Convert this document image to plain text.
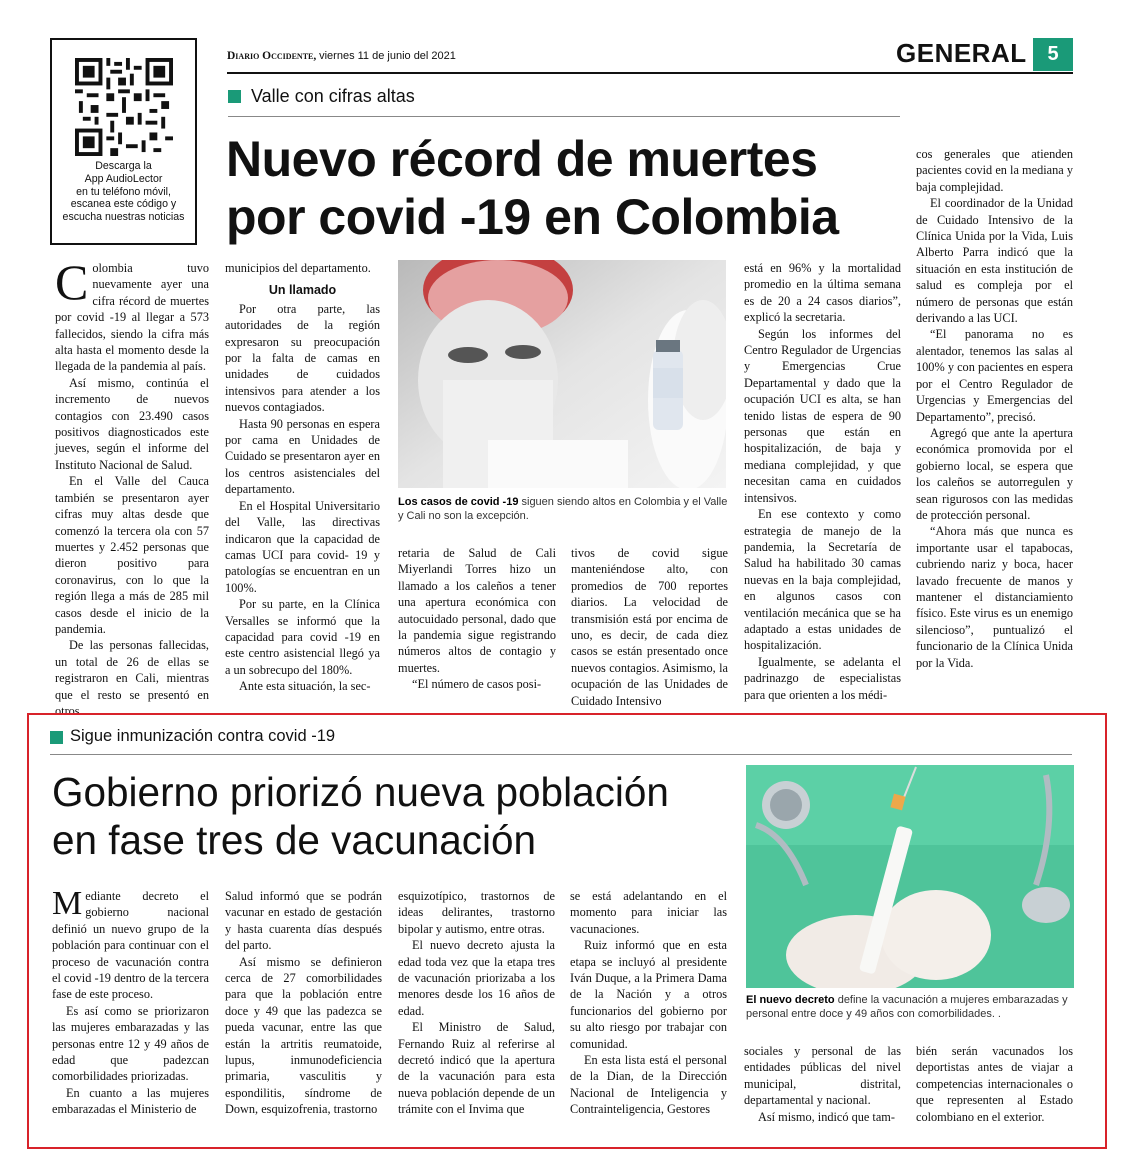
Descarga la
App AudioLector
en tu teléfono móvil,
escanea este código y
escucha nuestras noticias
Diario Occidente, viernes 11 de junio del 2021	GENERAL	5
Valle con cifras altas
Nuevo récord de muertes
por covid -19 en Colombia

Colombia tuvo nuevamente ayer una cifra récord de muertes por covid -19 al llegar a 573 fallecidos, siendo la cifra más alta hasta el momento desde la llegada de la pandemia al país.

Así mismo, continúa el incremento de nuevos contagios con 23.490 casos positivos diagnosticados este jueves, según el informe del Instituto Nacional de Salud.

En el Valle del Cauca también se presentaron ayer cifras muy altas desde que comenzó la tercera ola con 57 muertes y 2.452 personas que dieron positivo para coronavirus, con lo que la región llega a más de 285 mil casos desde el inicio de la pandemia.

De las personas fallecidas, un total de 26 de ellas se registraron en Cali, mientras que el resto se presentó en otros

municipios del departamento.

Un llamado

Por otra parte, las autoridades de la región expresaron su preocupación por la falta de camas en unidades de cuidados intensivos para atender a los nuevos contagiados.

Hasta 90 personas en espera por cama en Unidades de Cuidado se presentaron ayer en los centros asistenciales del departamento.

En el Hospital Universitario del Valle, las directivas indicaron que la capacidad de camas UCI para covid- 19 y patologías se encuentran en un 100%.

Por su parte, en la Clínica Versalles se informó que la capacidad para covid -19 en este centro asistencial llegó ya a un sobrecupo del 180%.

Ante esta situación, la sec-

Los casos de covid -19 siguen siendo altos en Colombia y el Valle y Cali no son la excepción.

retaria de Salud de Cali Miyerlandi Torres hizo un llamado a los caleños a tener una apertura económica con autocuidado personal, dado que la pandemia sigue registrando números altos de contagio y muertes.

“El número de casos posi-

tivos de covid sigue manteniéndose alto, con promedios de 700 reportes diarios. La velocidad de transmisión está por encima de uno, es decir, de cada diez casos se están presentado once nuevos contagios. Asimismo, la ocupación de las Unidades de Cuidado Intensivo

está en 96% y la mortalidad promedio en la última semana es de 20 a 24 casos diarios”, explicó la secretaria.

Según los informes del Centro Regulador de Urgencias y Emergencias Crue Departamental y dado que la ocupación UCI es alta, se han tenido listas de espera de 90 personas que están en hospitalización, de baja y mediana complejidad, y que necesitan cama en cuidados intensivos.

En ese contexto y como estrategia de manejo de la pandemia, la Secretaría de Salud ha habilitado 30 camas nuevas en la baja complejidad, en algunos casos con ventilación mecánica que se ha adaptado a estas unidades de hospitalización.

Igualmente, se adelanta el padrinazgo de especialistas para que orienten a los médi-

cos generales que atienden pacientes covid en la mediana y baja complejidad.

El coordinador de la Unidad de Cuidado Intensivo de la Clínica Unida por la Vida, Luis Alberto Parra indicó que la situación en esta institución de salud es compleja por el número de personas que están derivando a las UCI.

“El panorama no es alentador, tenemos las salas al 100% y con pacientes en espera por el Centro Regulador de Urgencias y Emergencias del Departamento”, precisó.

Agregó que ante la apertura económica promovida por el gobierno local, se espera que los caleños se autorregulen y sean rigurosos con las medidas de protección personal.

“Ahora más que nunca es importante usar el tapabocas, cubriendo nariz y boca, hacer lavado frecuente de manos y mantener el distanciamiento físico. Este virus es un enemigo silencioso”, puntualizó el funcionario de la Clínica Unida por la Vida.

Sigue inmunización contra covid -19
Gobierno priorizó nueva población
en fase tres de vacunación
El nuevo decreto define la vacunación a mujeres embarazadas y personal entre doce y 49 años con comorbilidades. .

Mediante decreto el gobierno nacional definió un nuevo grupo de la población para continuar con el proceso de vacunación contra el covid -19 dentro de la tercera fase de este proceso.

Es así como se priorizaron las mujeres embarazadas y las personas entre 12 y 49 años de edad que padezcan comorbilidades priorizadas.

En cuanto a las mujeres embarazadas el Ministerio de

Salud informó que se podrán vacunar en estado de gestación y hasta cuarenta días después del parto.

Así mismo se definieron cerca de 27 comorbilidades para que la población entre doce y 49 que las padezca se pueda vacunar, entre las que están la artritis reumatoide, lupus, inmunodeficiencia primaria, vasculitis y espondilitis, síndrome de Down, esquizofrenia, trastorno

esquizotípico, trastornos de ideas delirantes, trastorno bipolar y autismo, entre otras.

El nuevo decreto ajusta la edad toda vez que la etapa tres de vacunación priorizaba a los menores desde los 16 años de edad.

El Ministro de Salud, Fernando Ruiz al referirse al decretó indicó que la apertura de la vacunación para esta nueva población depende de un trámite con el Invima que

se está adelantando en el momento para iniciar las vacunaciones.

Ruiz informó que en esta etapa se incluyó al presidente Iván Duque, a la Primera Dama de la Nación y a otros funcionarios del gobierno por su alto riesgo por trabajar con comunidad.

En esta lista está el personal de la Dian, de la Dirección Nacional de Inteligencia y Contrainteligencia, Gestores

sociales y personal de las entidades públicas del nivel municipal, distrital, departamental y nacional.

Así mismo, indicó que tam-

bién serán vacunados los deportistas antes de viajar a competencias internacionales o que representen al Estado colombiano en el exterior.
